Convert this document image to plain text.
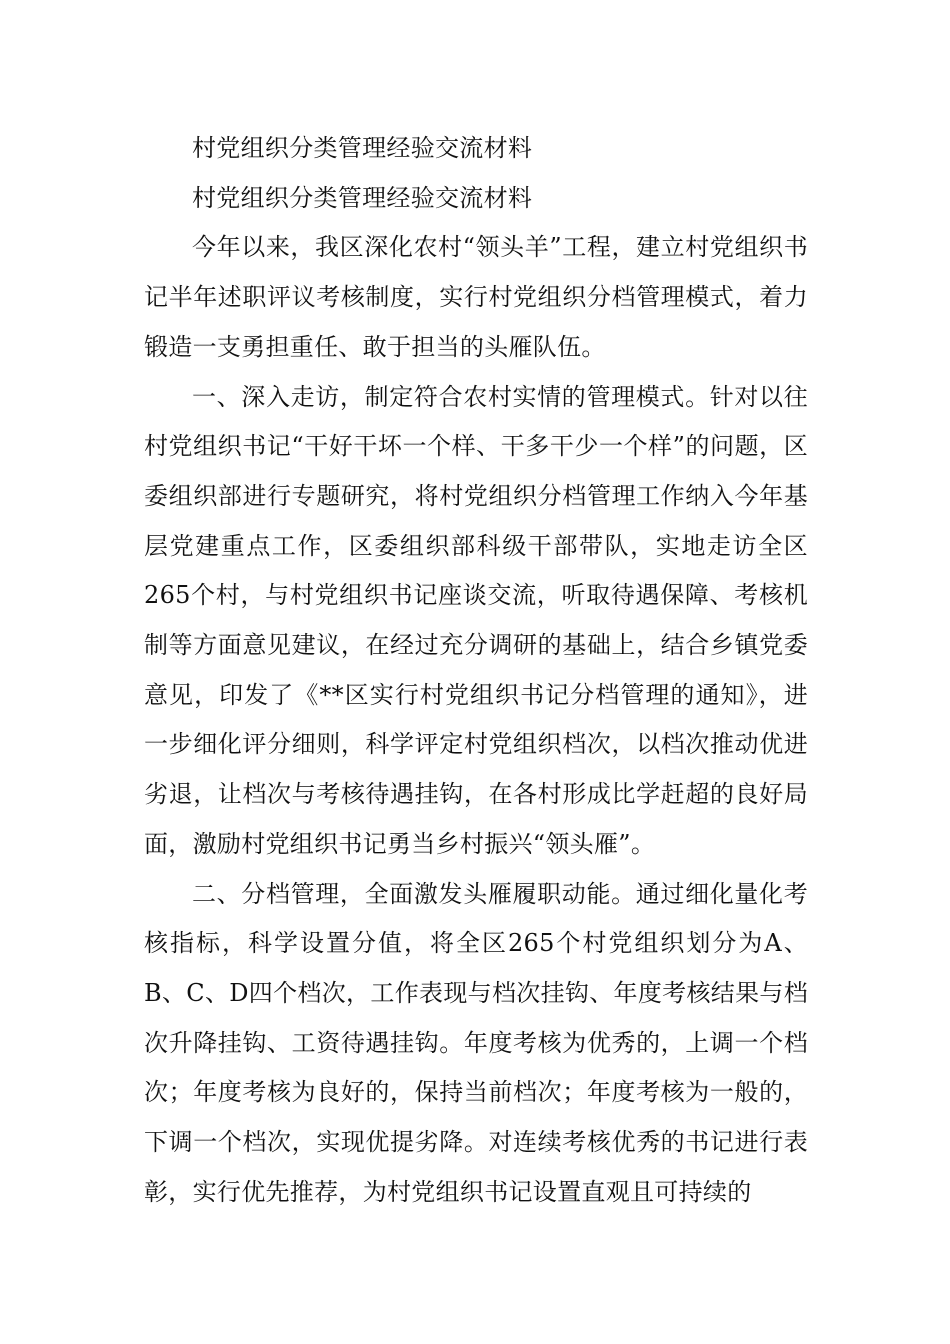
村党组织分类管理经验交流材料

村党组织分类管理经验交流材料

今年以来，我区深化农村“领头羊”工程，建立村党组织书记半年述职评议考核制度，实行村党组织分档管理模式，着力锻造一支勇担重任、敢于担当的头雁队伍。

一、深入走访，制定符合农村实情的管理模式。针对以往村党组织书记“干好干坏一个样、干多干少一个样”的问题，区委组织部进行专题研究，将村党组织分档管理工作纳入今年基层党建重点工作，区委组织部科级干部带队，实地走访全区265个村，与村党组织书记座谈交流，听取待遇保障、考核机制等方面意见建议，在经过充分调研的基础上，结合乡镇党委意见，印发了《**区实行村党组织书记分档管理的通知》，进一步细化评分细则，科学评定村党组织档次，以档次推动优进劣退，让档次与考核待遇挂钩，在各村形成比学赶超的良好局面，激励村党组织书记勇当乡村振兴“领头雁”。

二、分档管理，全面激发头雁履职动能。通过细化量化考核指标，科学设置分值，将全区265个村党组织划分为A、B、C、D四个档次，工作表现与档次挂钩、年度考核结果与档次升降挂钩、工资待遇挂钩。年度考核为优秀的，上调一个档次；年度考核为良好的，保持当前档次；年度考核为一般的，下调一个档次，实现优提劣降。对连续考核优秀的书记进行表彰，实行优先推荐，为村党组织书记设置直观且可持续的
